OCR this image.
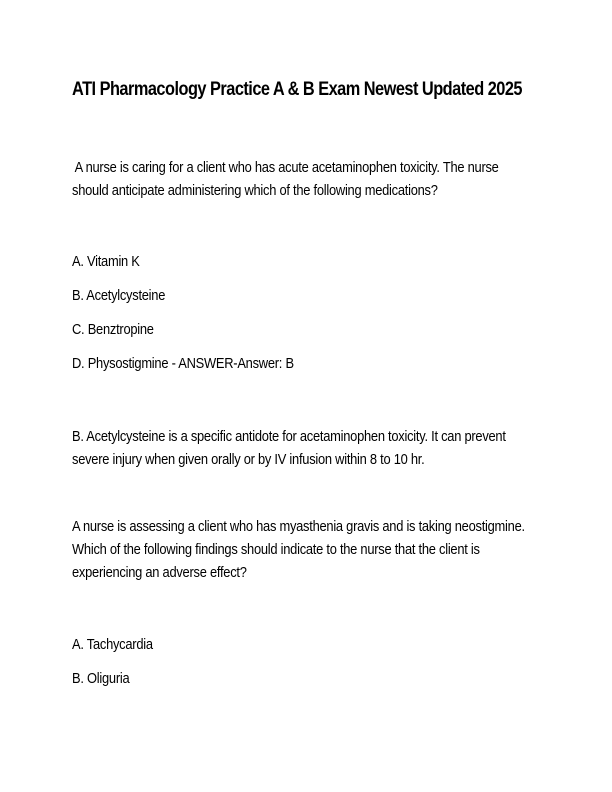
ATI Pharmacology Practice A & B Exam Newest Updated 2025
A nurse is caring for a client who has acute acetaminophen toxicity. The nurse
should anticipate administering which of the following medications?
A. Vitamin K
B. Acetylcysteine
C. Benztropine
D. Physostigmine - ANSWER-Answer: B
B. Acetylcysteine is a specific antidote for acetaminophen toxicity. It can prevent
severe injury when given orally or by IV infusion within 8 to 10 hr.
A nurse is assessing a client who has myasthenia gravis and is taking neostigmine.
Which of the following findings should indicate to the nurse that the client is
experiencing an adverse effect?
A. Tachycardia
B. Oliguria
